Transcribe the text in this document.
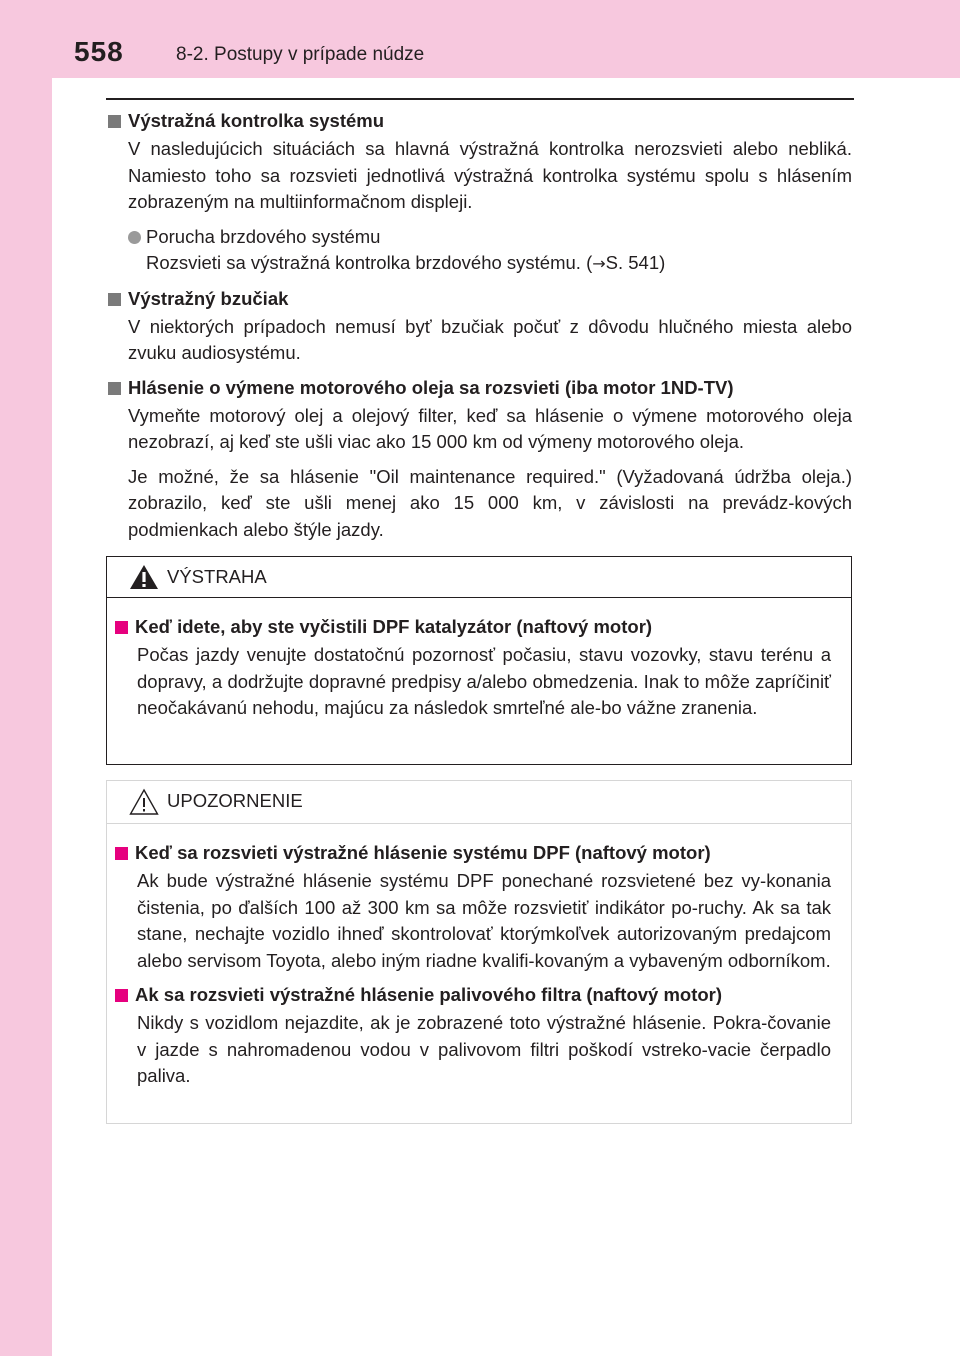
558	8-2. Postupy v prípade núdze
Výstražná kontrolka systému
V nasledujúcich situáciách sa hlavná výstražná kontrolka nerozsvieti alebo nebliká. Namiesto toho sa rozsvieti jednotlivá výstražná kontrolka systému spolu s hlásením zobrazeným na multiinformačnom displeji.
Porucha brzdového systému
Rozsvieti sa výstražná kontrolka brzdového systému. (→S. 541)
Výstražný bzučiak
V niektorých prípadoch nemusí byť bzučiak počuť z dôvodu hlučného miesta alebo zvuku audiosystému.
Hlásenie o výmene motorového oleja sa rozsvieti (iba motor 1ND-TV)
Vymeňte motorový olej a olejový filter, keď sa hlásenie o výmene motorového oleja nezobrazí, aj keď ste ušli viac ako 15 000 km od výmeny motorového oleja.
Je možné, že sa hlásenie "Oil maintenance required." (Vyžadovaná údržba oleja.) zobrazilo, keď ste ušli menej ako 15 000 km, v závislosti na prevádz-kových podmienkach alebo štýle jazdy.
VÝSTRAHA
Keď idete, aby ste vyčistili DPF katalyzátor (naftový motor)
Počas jazdy venujte dostatočnú pozornosť počasiu, stavu vozovky, stavu terénu a dopravy, a dodržujte dopravné predpisy a/alebo obmedzenia. Inak to môže zapríčiniť neočakávanú nehodu, majúcu za následok smrteľné ale-bo vážne zranenia.
UPOZORNENIE
Keď sa rozsvieti výstražné hlásenie systému DPF (naftový motor)
Ak bude výstražné hlásenie systému DPF ponechané rozsvietené bez vy-konania čistenia, po ďalších 100 až 300 km sa môže rozsvietiť indikátor po-ruchy. Ak sa tak stane, nechajte vozidlo ihneď skontrolovať ktorýmkoľvek autorizovaným predajcom alebo servisom Toyota, alebo iným riadne kvalifi-kovaným a vybaveným odborníkom.
Ak sa rozsvieti výstražné hlásenie palivového filtra (naftový motor)
Nikdy s vozidlom nejazdite, ak je zobrazené toto výstražné hlásenie. Pokra-čovanie v jazde s nahromadenou vodou v palivovom filtri poškodí vstreko-vacie čerpadlo paliva.
